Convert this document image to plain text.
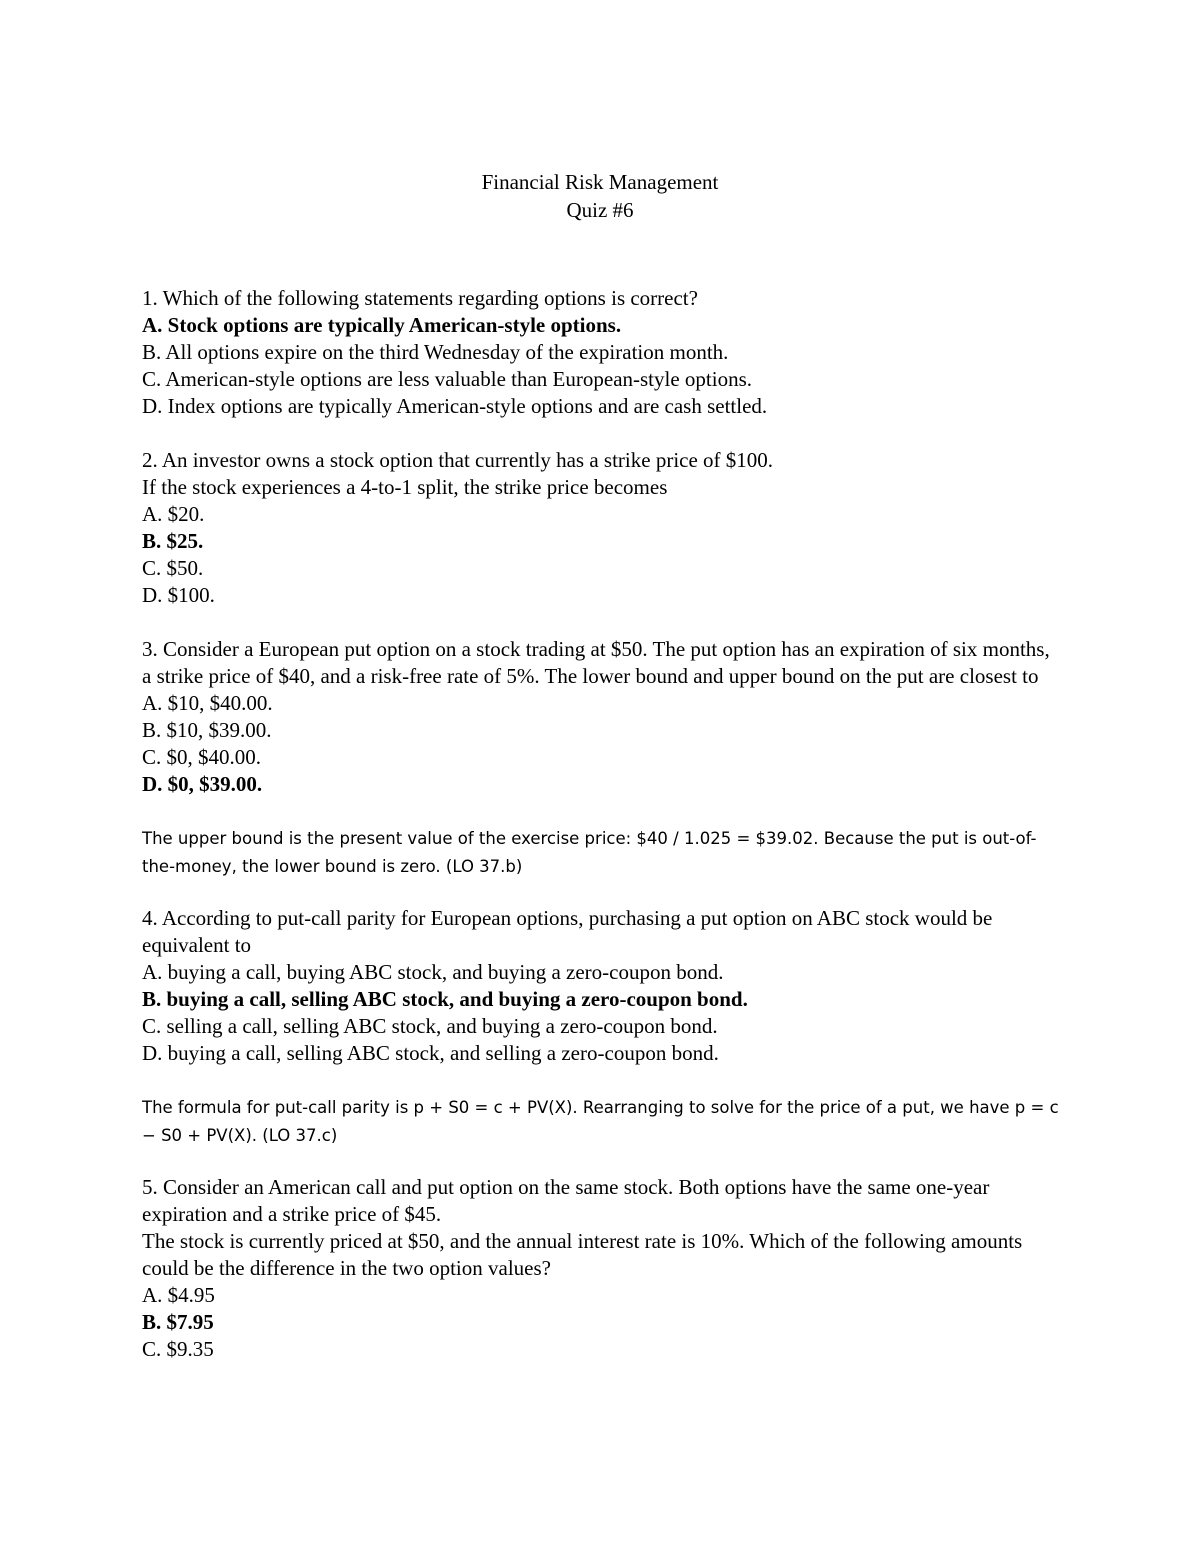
Financial Risk Management
Quiz #6
1. Which of the following statements regarding options is correct?
A. Stock options are typically American-style options.
B. All options expire on the third Wednesday of the expiration month.
C. American-style options are less valuable than European-style options.
D. Index options are typically American-style options and are cash settled.
2. An investor owns a stock option that currently has a strike price of $100.
If the stock experiences a 4-to-1 split, the strike price becomes
A. $20.
B. $25.
C. $50.
D. $100.
3. Consider a European put option on a stock trading at $50. The put option has an expiration of six months, a strike price of $40, and a risk-free rate of 5%. The lower bound and upper bound on the put are closest to
A. $10, $40.00.
B. $10, $39.00.
C. $0, $40.00.
D. $0, $39.00.
The upper bound is the present value of the exercise price: $40 / 1.025 = $39.02. Because the put is out-of-the-money, the lower bound is zero. (LO 37.b)
4. According to put-call parity for European options, purchasing a put option on ABC stock would be equivalent to
A. buying a call, buying ABC stock, and buying a zero-coupon bond.
B. buying a call, selling ABC stock, and buying a zero-coupon bond.
C. selling a call, selling ABC stock, and buying a zero-coupon bond.
D. buying a call, selling ABC stock, and selling a zero-coupon bond.
The formula for put-call parity is p + S0 = c + PV(X). Rearranging to solve for the price of a put, we have p = c − S0 + PV(X). (LO 37.c)
5. Consider an American call and put option on the same stock. Both options have the same one-year expiration and a strike price of $45.
The stock is currently priced at $50, and the annual interest rate is 10%. Which of the following amounts could be the difference in the two option values?
A. $4.95
B. $7.95
C. $9.35
